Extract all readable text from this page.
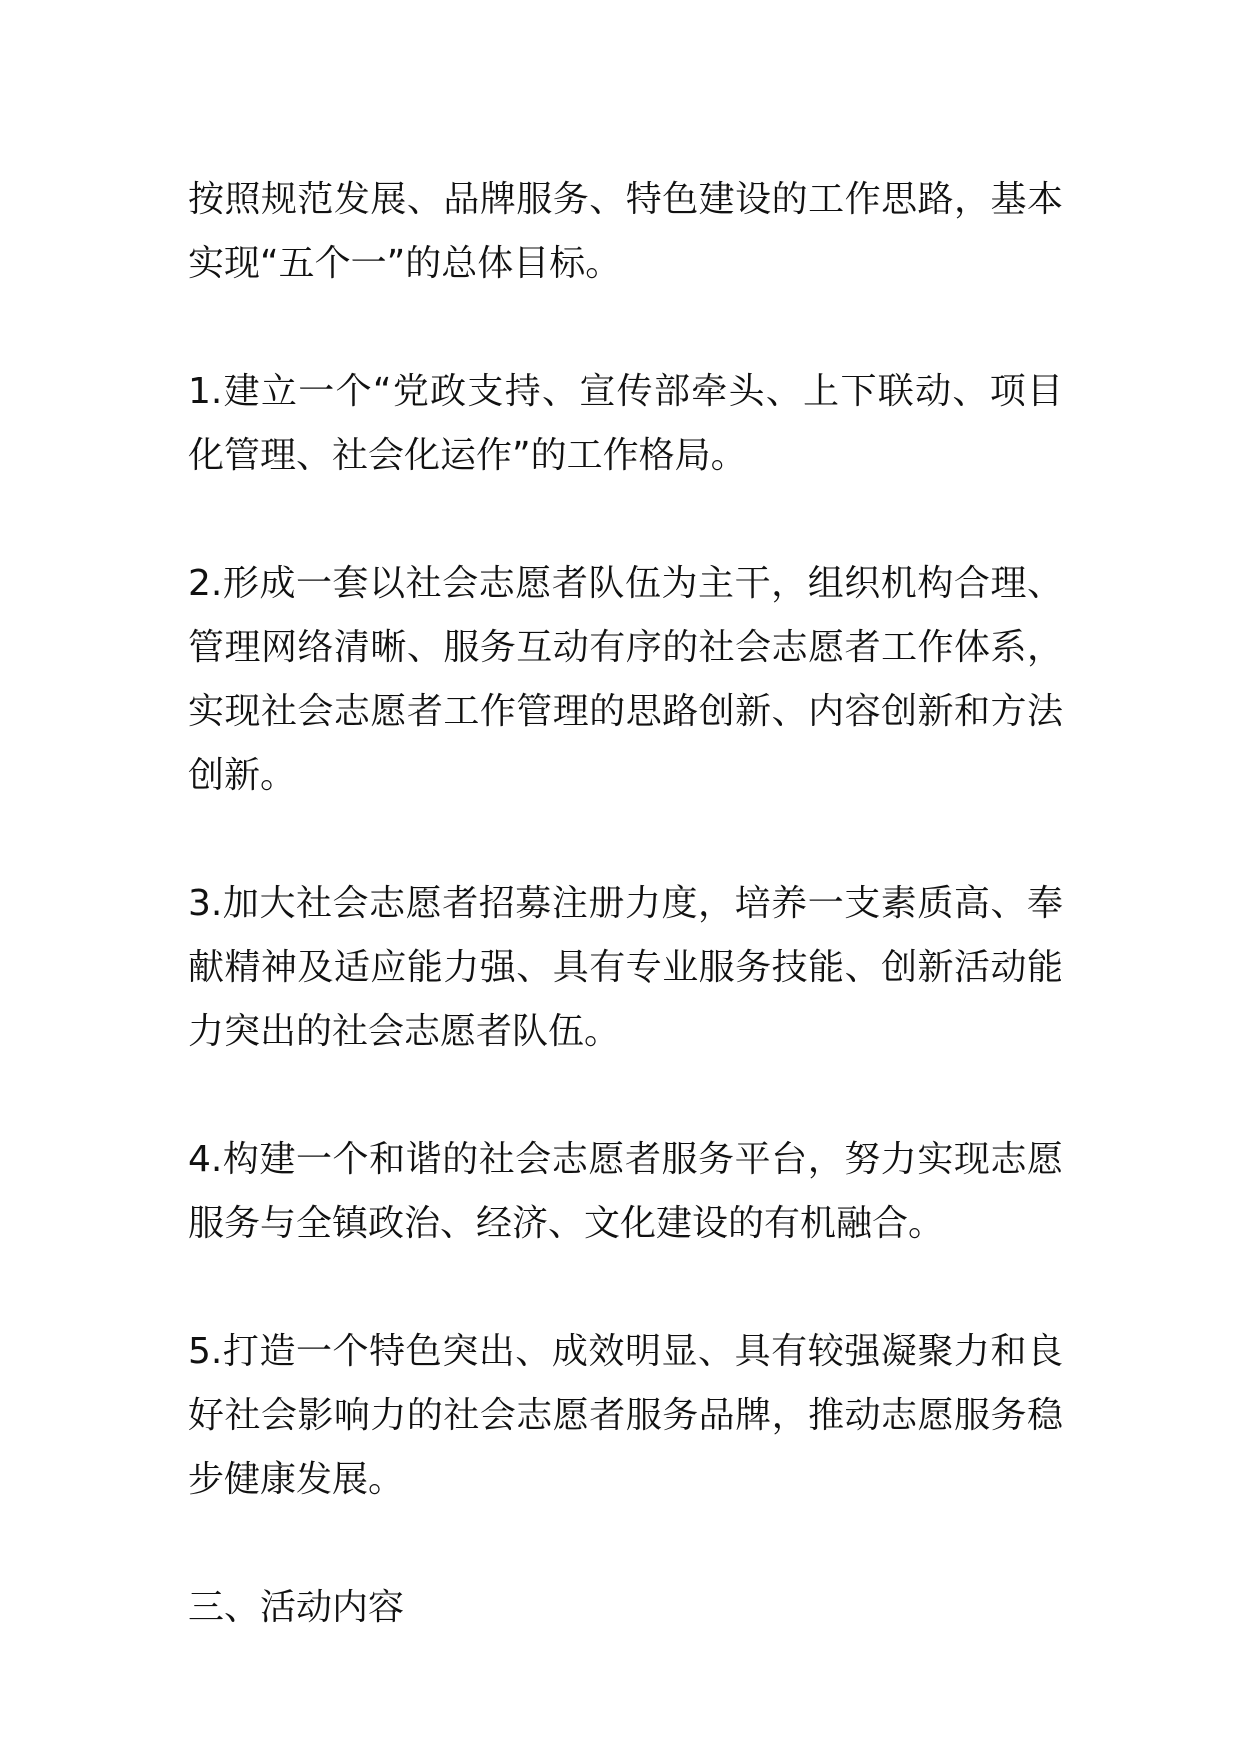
按照规范发展、品牌服务、特色建设的工作思路，基本实现“五个一”的总体目标。

1.建立一个“党政支持、宣传部牵头、上下联动、项目化管理、社会化运作”的工作格局。

2.形成一套以社会志愿者队伍为主干，组织机构合理、管理网络清晰、服务互动有序的社会志愿者工作体系，实现社会志愿者工作管理的思路创新、内容创新和方法创新。

3.加大社会志愿者招募注册力度，培养一支素质高、奉献精神及适应能力强、具有专业服务技能、创新活动能力突出的社会志愿者队伍。

4.构建一个和谐的社会志愿者服务平台，努力实现志愿服务与全镇政治、经济、文化建设的有机融合。

5.打造一个特色突出、成效明显、具有较强凝聚力和良好社会影响力的社会志愿者服务品牌，推动志愿服务稳步健康发展。

三、活动内容
